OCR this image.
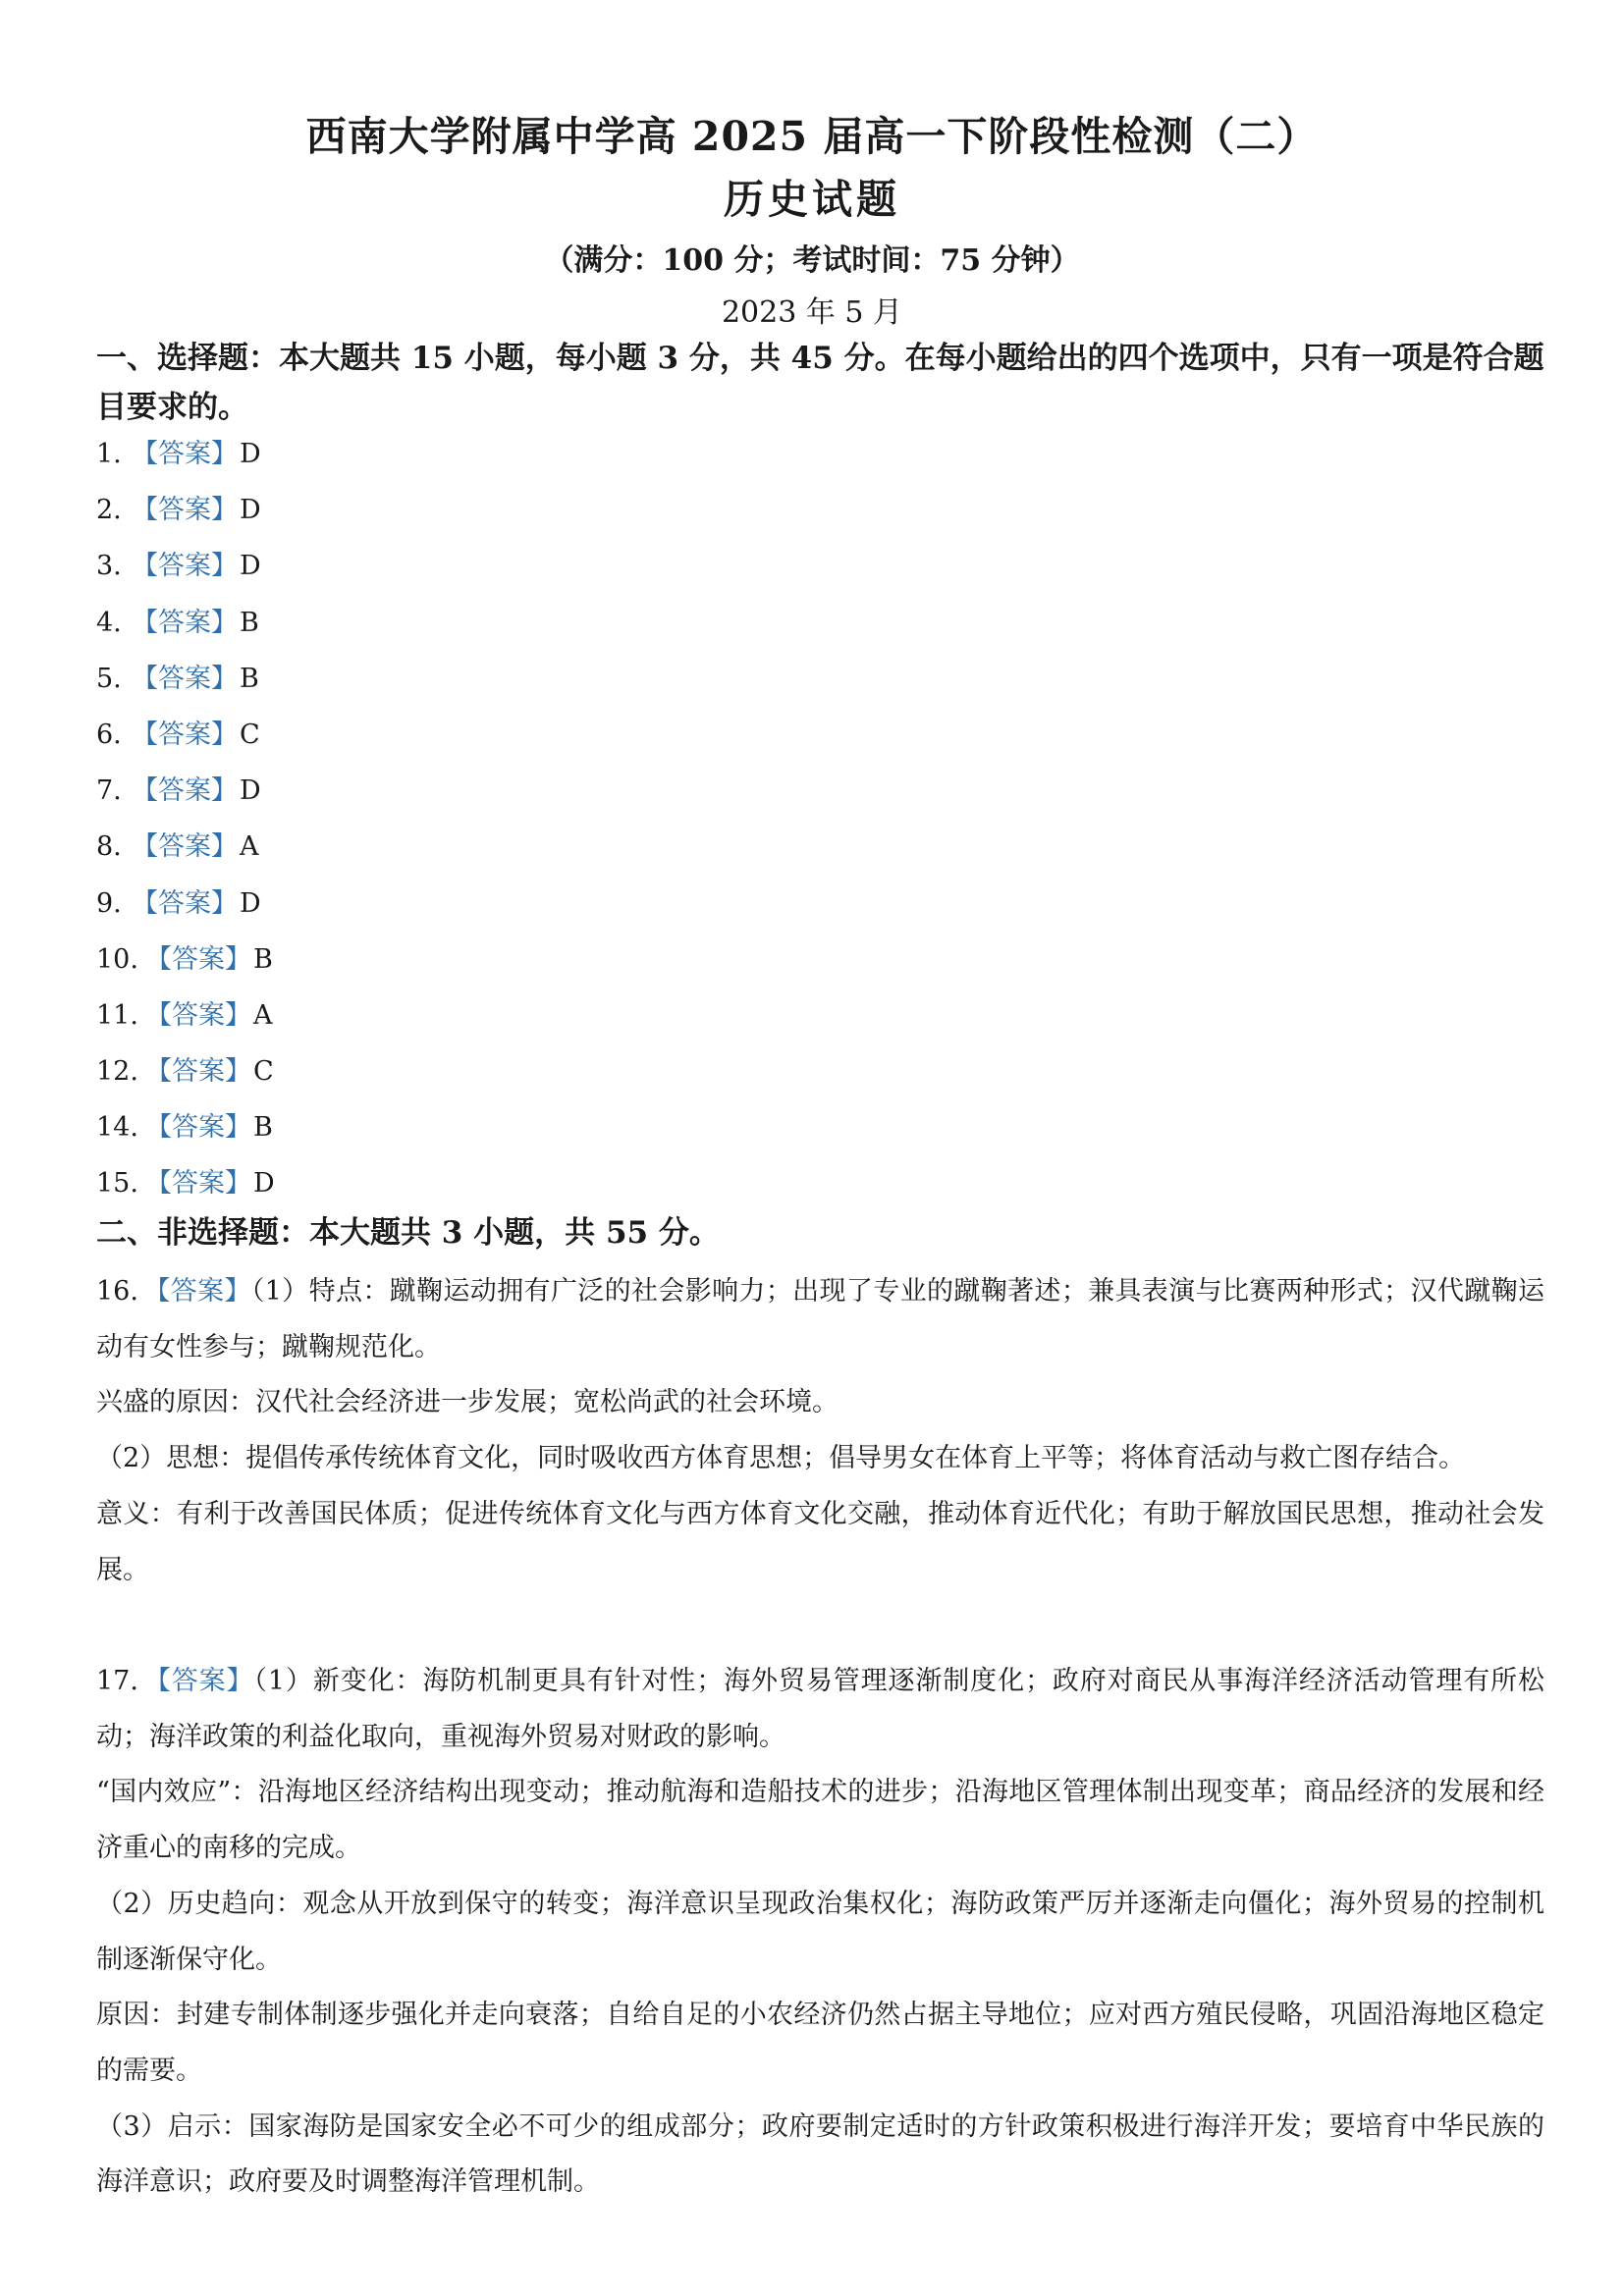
西南大学附属中学高 2025 届高一下阶段性检测（二）
历史试题
（满分：100 分；考试时间：75 分钟）
2023 年 5 月
一、选择题：本大题共 15 小题，每小题 3 分，共 45 分。在每小题给出的四个选项中，只有一项是符合题目要求的。
1. 【答案】D
2. 【答案】D
3. 【答案】D
4. 【答案】B
5. 【答案】B
6. 【答案】C
7. 【答案】D
8. 【答案】A
9. 【答案】D
10. 【答案】B
11. 【答案】A
12. 【答案】C
14. 【答案】B
15. 【答案】D
二、非选择题：本大题共 3 小题，共 55 分。

16. 【答案】（1）特点：蹴鞠运动拥有广泛的社会影响力；出现了专业的蹴鞠著述；兼具表演与比赛两种形式；汉代蹴鞠运动有女性参与；蹴鞠规范化。

兴盛的原因：汉代社会经济进一步发展；宽松尚武的社会环境。

（2）思想：提倡传承传统体育文化，同时吸收西方体育思想；倡导男女在体育上平等；将体育活动与救亡图存结合。

意义：有利于改善国民体质；促进传统体育文化与西方体育文化交融，推动体育近代化；有助于解放国民思想，推动社会发展。

17. 【答案】（1）新变化：海防机制更具有针对性；海外贸易管理逐渐制度化；政府对商民从事海洋经济活动管理有所松动；海洋政策的利益化取向，重视海外贸易对财政的影响。

“国内效应”：沿海地区经济结构出现变动；推动航海和造船技术的进步；沿海地区管理体制出现变革；商品经济的发展和经济重心的南移的完成。

（2）历史趋向：观念从开放到保守的转变；海洋意识呈现政治集权化；海防政策严厉并逐渐走向僵化；海外贸易的控制机制逐渐保守化。

原因：封建专制体制逐步强化并走向衰落；自给自足的小农经济仍然占据主导地位；应对西方殖民侵略，巩固沿海地区稳定的需要。

（3）启示：国家海防是国家安全必不可少的组成部分；政府要制定适时的方针政策积极进行海洋开发；要培育中华民族的海洋意识；政府要及时调整海洋管理机制。
